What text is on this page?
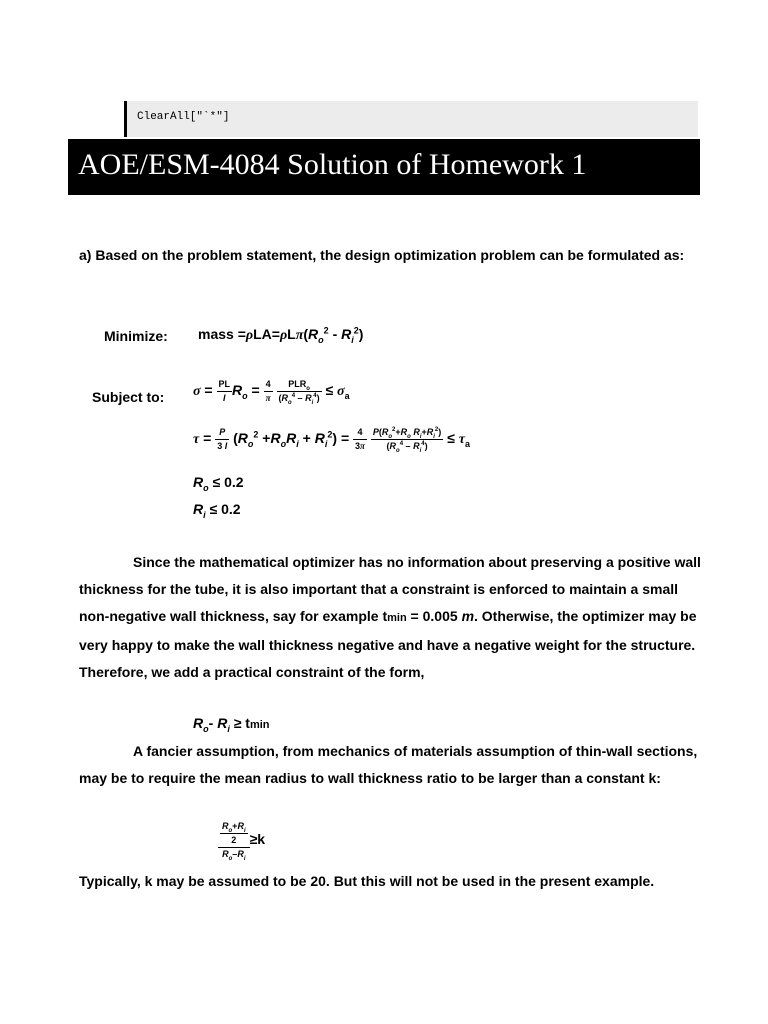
ClearAll["`*"]
AOE/ESM-4084 Solution of Homework 1
a) Based on the problem statement, the design optimization problem can be formulated as:
Minimize: mass $=\rho LA=\rho L\pi(R_o^2 - R_i^2)$
Subject to: $\sigma = \frac{PL}{I} R_o = \frac{4}{\pi}$
$\frac{PLR_o}{(R_o^4 - R_i^4)} \le \sigma_a$
$\tau = \frac{P}{3 I} (R_o^2 +R_oR_i + R_i^2) = \frac{4}{3\pi}$
$\frac{P(R_o^2+R_o R_i+R_i^2)}{(R_o^4 - R_i^4)} \le \tau_a$
$R_o \le 0.2$
$R_i \le 0.2$
Since the mathematical optimizer has no information about preserving a positive wall thickness for the tube, it is also important that a constraint is enforced to maintain a small non-negative wall thickness, say for example tmin = 0.005 m. Otherwise, the optimizer may be very happy to make the wall thickness negative and have a negative weight for the structure. Therefore, we add a practical constraint of the form,
$R_o-$ $R_i \ge tmin$
A fancier assumption, from mechanics of materials assumption of thin-wall sections, may be to require the mean radius to wall thickness ratio to be larger than a constant k:
$\frac{\frac{R_o+R_i}{2}}{R_o-R_i} \ge k$
Typically, k may be assumed to be 20. But this will not be used in the present example.
